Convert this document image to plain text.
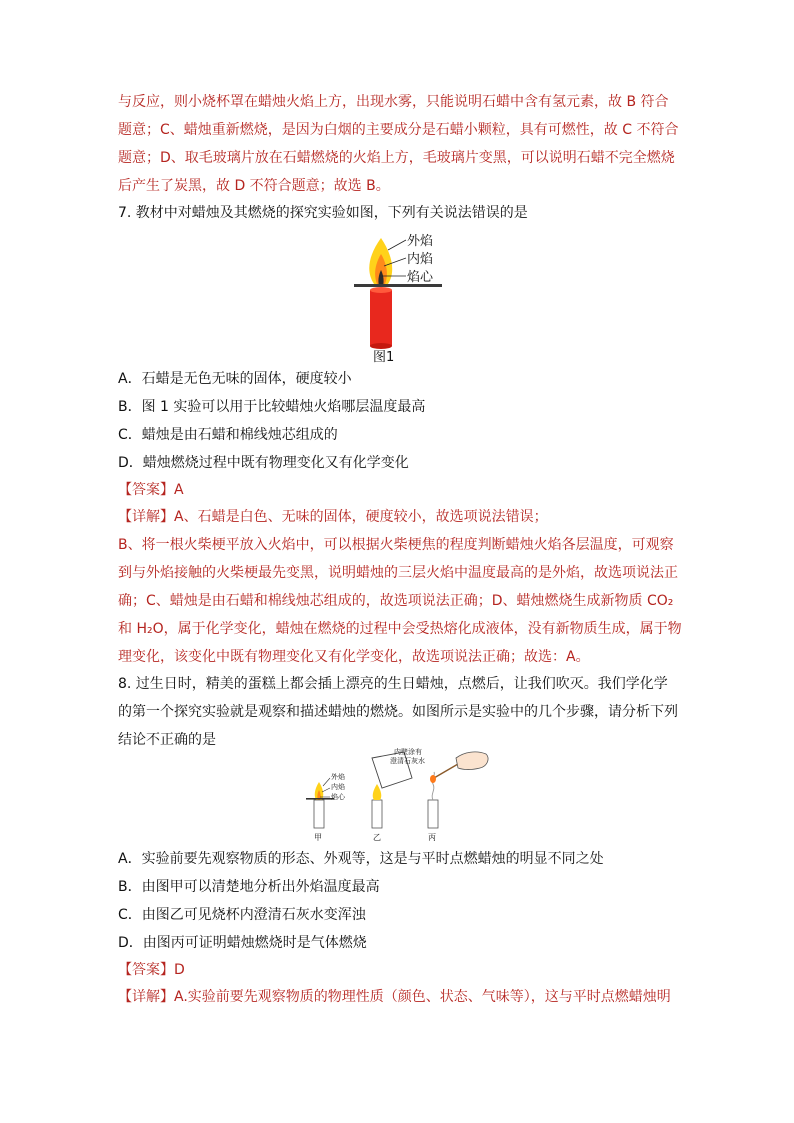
与反应，则小烧杯罩在蜡烛火焰上方，出现水雾，只能说明石蜡中含有氢元素，故 B 符合
题意；C、蜡烛重新燃烧，是因为白烟的主要成分是石蜡小颗粒，具有可燃性，故 C 不符合
题意；D、取毛玻璃片放在石蜡燃烧的火焰上方，毛玻璃片变黑，可以说明石蜡不完全燃烧
后产生了炭黑，故 D 不符合题意；故选 B。
7. 教材中对蜡烛及其燃烧的探究实验如图，下列有关说法错误的是
外焰
内焰
焰心
图1
A．石蜡是无色无味的固体，硬度较小
B．图 1 实验可以用于比较蜡烛火焰哪层温度最高
C．蜡烛是由石蜡和棉线烛芯组成的
D．蜡烛燃烧过程中既有物理变化又有化学变化
【答案】A
【详解】A、石蜡是白色、无味的固体，硬度较小，故选项说法错误；
B、将一根火柴梗平放入火焰中，可以根据火柴梗焦的程度判断蜡烛火焰各层温度，可观察
到与外焰接触的火柴梗最先变黑，说明蜡烛的三层火焰中温度最高的是外焰，故选项说法正
确；C、蜡烛是由石蜡和棉线烛芯组成的，故选项说法正确；D、蜡烛燃烧生成新物质 CO₂
和 H₂O，属于化学变化，蜡烛在燃烧的过程中会受热熔化成液体，没有新物质生成，属于物
理变化，该变化中既有物理变化又有化学变化，故选项说法正确；故选：A。
8. 过生日时，精美的蛋糕上都会插上漂亮的生日蜡烛，点燃后，让我们吹灭。我们学化学
的第一个探究实验就是观察和描述蜡烛的燃烧。如图所示是实验中的几个步骤，请分析下列
结论不正确的是
外焰
内焰
焰心
甲
内壁涂有
澄清石灰水
乙	丙
A．实验前要先观察物质的形态、外观等，这是与平时点燃蜡烛的明显不同之处
B．由图甲可以清楚地分析出外焰温度最高
C．由图乙可见烧杯内澄清石灰水变浑浊
D．由图丙可证明蜡烛燃烧时是气体燃烧
【答案】D
【详解】A.实验前要先观察物质的物理性质（颜色、状态、气味等），这与平时点燃蜡烛明
